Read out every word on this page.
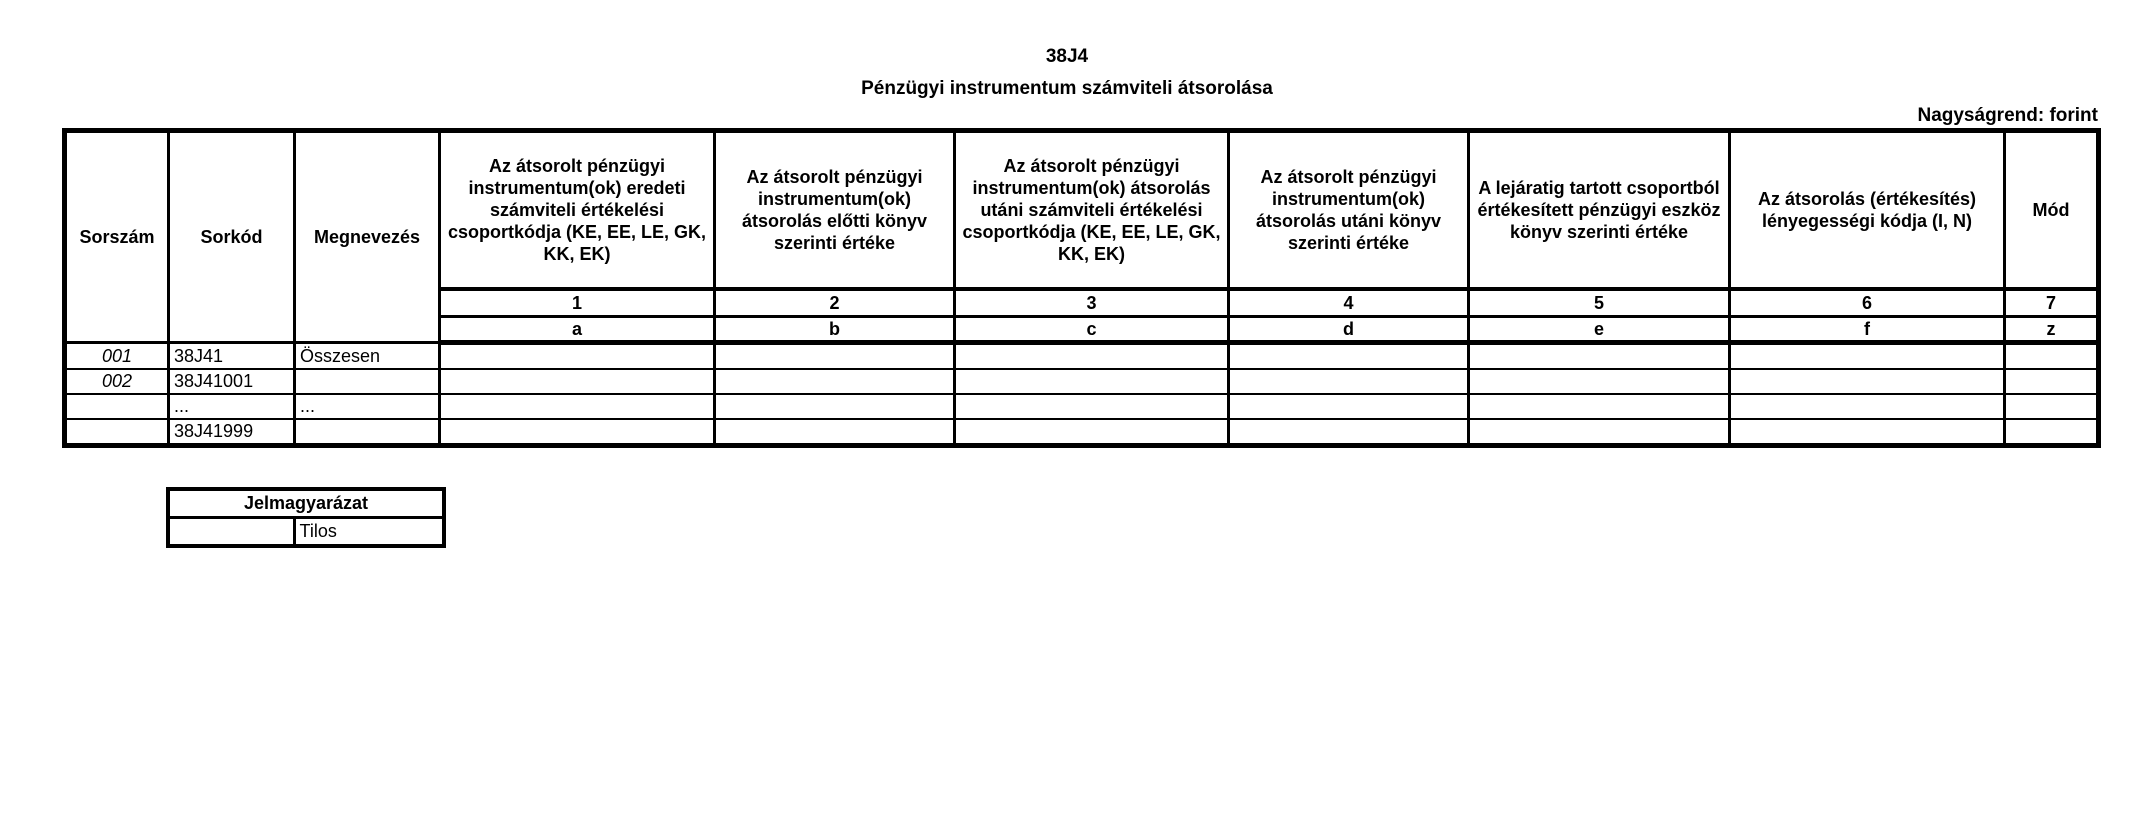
38J4
Pénzügyi instrumentum számviteli átsorolása
Nagyságrend: forint
Sorszám	Sorkód	Megnevezés	Az átsorolt pénzügyi instrumentum(ok) eredeti számviteli értékelési csoportkódja (KE, EE, LE, GK, KK, EK)	Az átsorolt pénzügyi instrumentum(ok) átsorolás előtti könyv szerinti értéke	Az átsorolt pénzügyi instrumentum(ok) átsorolás utáni számviteli értékelési csoportkódja (KE, EE, LE, GK, KK, EK)	Az átsorolt pénzügyi instrumentum(ok) átsorolás utáni könyv szerinti értéke	A lejáratig tartott csoportból értékesített pénzügyi eszköz könyv szerinti értéke	Az átsorolás (értékesítés) lényegességi kódja (I, N)	Mód
			1	2	3	4	5	6	7
			a	b	c	d	e	f	z
001	38J41	Összesen							
002	38J41001								
	...	...							
	38J41999								
Jelmagyarázat
	Tilos
